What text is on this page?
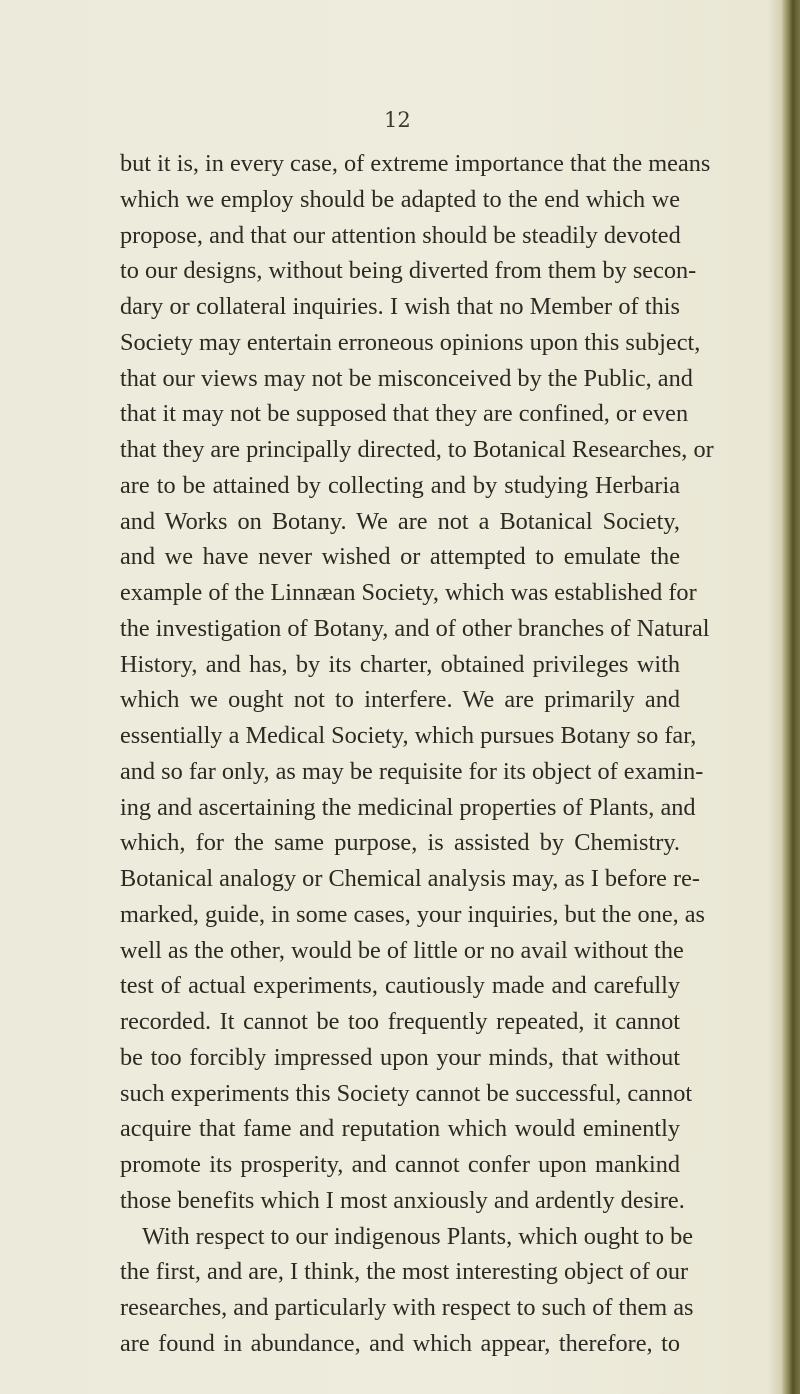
12
but it is, in every case, of extreme importance that the means
which we employ should be adapted to the end which we
propose, and that our attention should be steadily devoted
to our designs, without being diverted from them by secon-
dary or collateral inquiries. I wish that no Member of this
Society may entertain erroneous opinions upon this subject,
that our views may not be misconceived by the Public, and
that it may not be supposed that they are confined, or even
that they are principally directed, to Botanical Researches, or
are to be attained by collecting and by studying Herbaria
and Works on Botany. We are not a Botanical Society,
and we have never wished or attempted to emulate the
example of the Linnæan Society, which was established for
the investigation of Botany, and of other branches of Natural
History, and has, by its charter, obtained privileges with
which we ought not to interfere. We are primarily and
essentially a Medical Society, which pursues Botany so far,
and so far only, as may be requisite for its object of examin-
ing and ascertaining the medicinal properties of Plants, and
which, for the same purpose, is assisted by Chemistry.
Botanical analogy or Chemical analysis may, as I before re-
marked, guide, in some cases, your inquiries, but the one, as
well as the other, would be of little or no avail without the
test of actual experiments, cautiously made and carefully
recorded. It cannot be too frequently repeated, it cannot
be too forcibly impressed upon your minds, that without
such experiments this Society cannot be successful, cannot
acquire that fame and reputation which would eminently
promote its prosperity, and cannot confer upon mankind
those benefits which I most anxiously and ardently desire.
With respect to our indigenous Plants, which ought to be
the first, and are, I think, the most interesting object of our
researches, and particularly with respect to such of them as
are found in abundance, and which appear, therefore, to
